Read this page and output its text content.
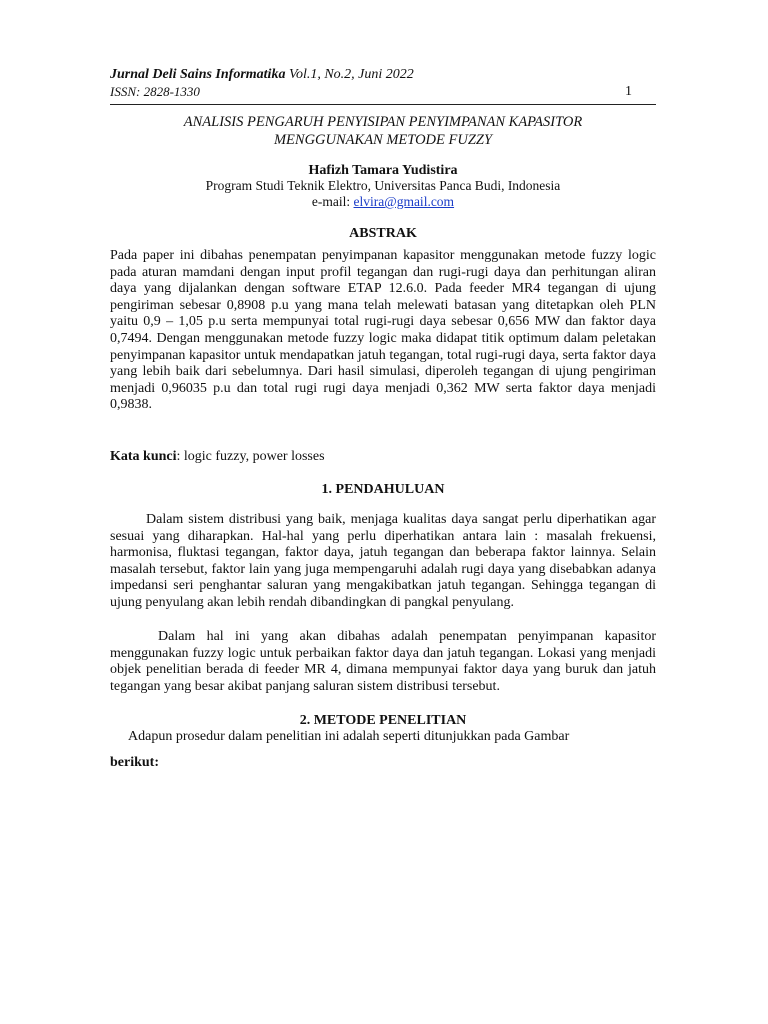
Jurnal Deli Sains Informatika Vol.1, No.2, Juni 2022
ISSN: 2828-1330	1
ANALISIS PENGARUH PENYISIPAN PENYIMPANAN KAPASITOR
MENGGUNAKAN METODE FUZZY
Hafizh Tamara Yudistira
Program Studi Teknik Elektro, Universitas Panca Budi, Indonesia
e-mail: elvira@gmail.com
ABSTRAK

Pada paper ini dibahas penempatan penyimpanan kapasitor menggunakan metode fuzzy logic pada aturan mamdani dengan input profil tegangan dan rugi-rugi daya dan perhitungan aliran daya yang dijalankan dengan software ETAP 12.6.0. Pada feeder MR4 tegangan di ujung pengiriman sebesar 0,8908 p.u yang mana telah melewati batasan yang ditetapkan oleh PLN yaitu 0,9 – 1,05 p.u serta mempunyai total rugi-rugi daya sebesar 0,656 MW dan faktor daya 0,7494. Dengan menggunakan metode fuzzy logic maka didapat titik optimum dalam peletakan penyimpanan kapasitor untuk mendapatkan jatuh tegangan, total rugi-rugi daya, serta faktor daya yang lebih baik dari sebelumnya. Dari hasil simulasi, diperoleh tegangan di ujung pengiriman menjadi 0,96035 p.u dan total rugi rugi daya menjadi 0,362 MW serta faktor daya menjadi 0,9838.

Kata kunci: logic fuzzy, power losses

1. PENDAHULUAN

Dalam sistem distribusi yang baik, menjaga kualitas daya sangat perlu diperhatikan agar sesuai yang diharapkan. Hal-hal yang perlu diperhatikan antara lain : masalah frekuensi, harmonisa, fluktasi tegangan, faktor daya, jatuh tegangan dan beberapa faktor lainnya. Selain masalah tersebut, faktor lain yang juga mempengaruhi adalah rugi daya yang disebabkan adanya impedansi seri penghantar saluran yang mengakibatkan jatuh tegangan. Sehingga tegangan di ujung penyulang akan lebih rendah dibandingkan di pangkal penyulang.

Dalam hal ini yang akan dibahas adalah penempatan penyimpanan kapasitor menggunakan fuzzy logic untuk perbaikan faktor daya dan jatuh tegangan. Lokasi yang menjadi objek penelitian berada di feeder MR 4, dimana mempunyai faktor daya yang buruk dan jatuh tegangan yang besar akibat panjang saluran sistem distribusi tersebut.

2. METODE PENELITIAN

Adapun prosedur dalam penelitian ini adalah seperti ditunjukkan pada Gambar

berikut:
